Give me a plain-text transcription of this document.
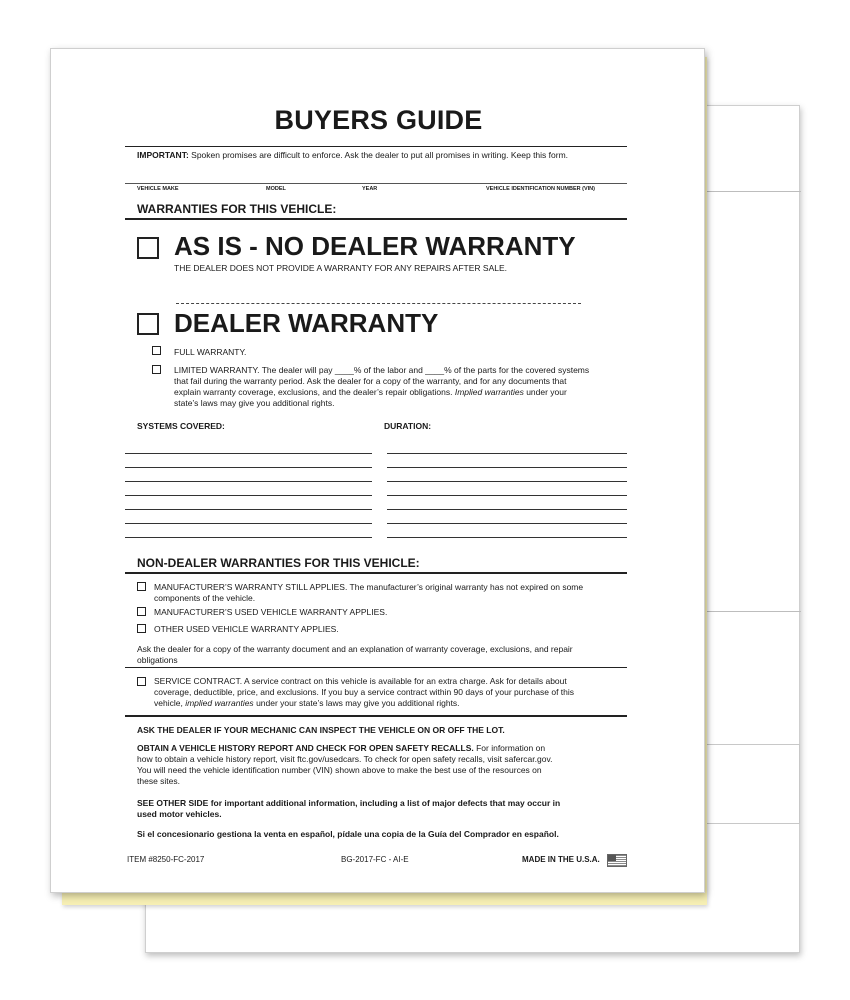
BUYERS GUIDE
IMPORTANT: Spoken promises are difficult to enforce. Ask the dealer to put all promises in writing. Keep this form.
VEHICLE MAKE	MODEL	YEAR	VEHICLE IDENTIFICATION NUMBER (VIN)
WARRANTIES FOR THIS VEHICLE:
AS IS - NO DEALER WARRANTY
THE DEALER DOES NOT PROVIDE A WARRANTY FOR ANY REPAIRS AFTER SALE.
DEALER WARRANTY
FULL WARRANTY.
LIMITED WARRANTY. The dealer will pay ____% of the labor and ____% of the parts for the covered systems
that fail during the warranty period. Ask the dealer for a copy of the warranty, and for any documents that
explain warranty coverage, exclusions, and the dealer’s repair obligations. Implied warranties under your
state’s laws may give you additional rights.
SYSTEMS COVERED:	DURATION:
NON-DEALER WARRANTIES FOR THIS VEHICLE:
MANUFACTURER’S WARRANTY STILL APPLIES. The manufacturer’s original warranty has not expired on some
components of the vehicle.
MANUFACTURER’S USED VEHICLE WARRANTY APPLIES.
OTHER USED VEHICLE WARRANTY APPLIES.
Ask the dealer for a copy of the warranty document and an explanation of warranty coverage, exclusions, and repair
obligations
SERVICE CONTRACT. A service contract on this vehicle is available for an extra charge. Ask for details about
coverage, deductible, price, and exclusions. If you buy a service contract within 90 days of your purchase of this
vehicle, implied warranties under your state’s laws may give you additional rights.
ASK THE DEALER IF YOUR MECHANIC CAN INSPECT THE VEHICLE ON OR OFF THE LOT.
OBTAIN A VEHICLE HISTORY REPORT AND CHECK FOR OPEN SAFETY RECALLS. For information on
how to obtain a vehicle history report, visit ftc.gov/usedcars. To check for open safety recalls, visit safercar.gov.
You will need the vehicle identification number (VIN) shown above to make the best use of the resources on
these sites.
SEE OTHER SIDE for important additional information, including a list of major defects that may occur in
used motor vehicles.
Si el concesionario gestiona la venta en español, pídale una copia de la Guía del Comprador en español.
ITEM #8250-FC-2017	BG-2017-FC - AI-E	MADE IN THE U.S.A.
